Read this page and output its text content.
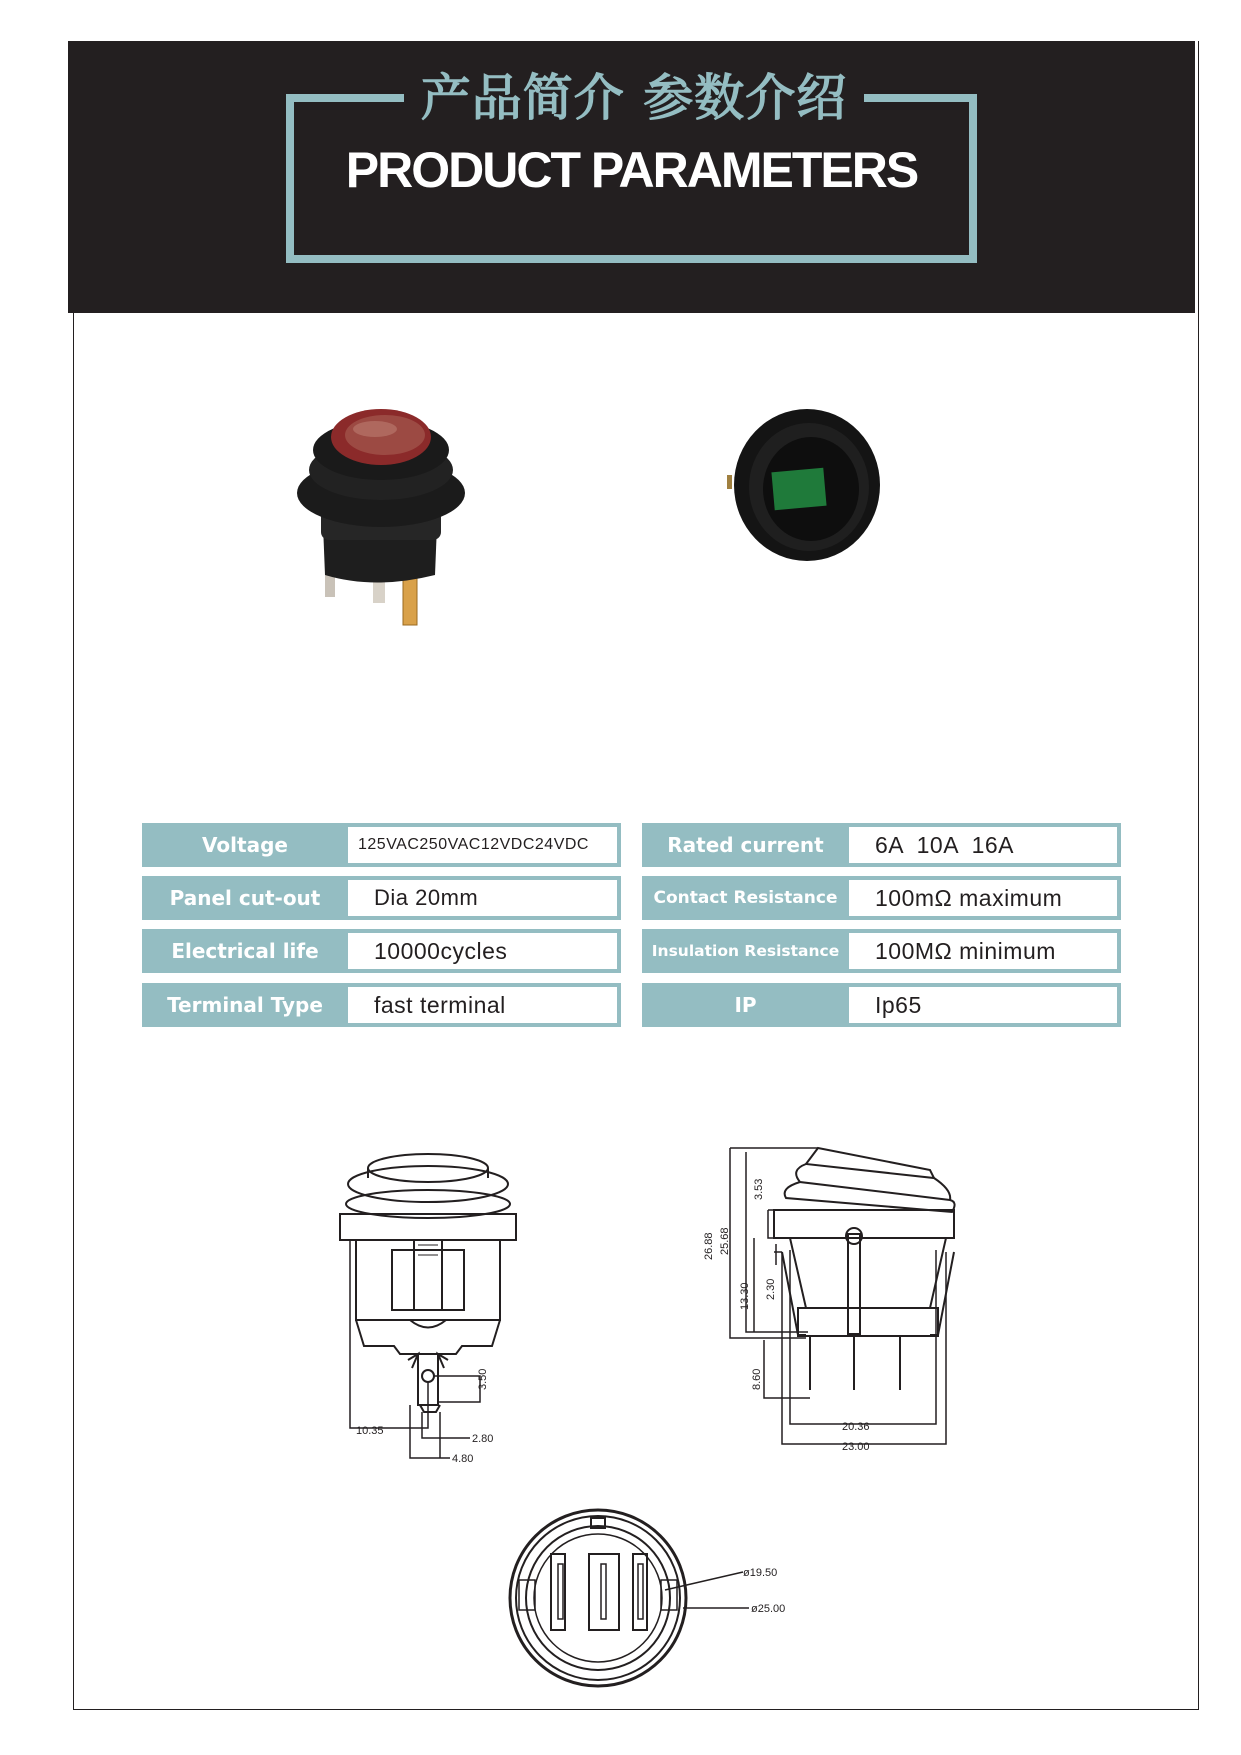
产品简介 参数介绍
PRODUCT PARAMETERS
Voltage	125VAC250VAC12VDC24VDC
Panel cut-out	Dia 20mm
Electrical life	10000cycles
Terminal Type	fast terminal
Rated current	6A  10A  16A
Contact Resistance	100mΩ maximum
Insulation Resistance	100MΩ minimum
IP	Ip65
3.50
10.35
2.80
4.80
26.88 25.68
3.53
13.30 2.30
8.60
20.36
23.00
ø19.50
ø25.00
